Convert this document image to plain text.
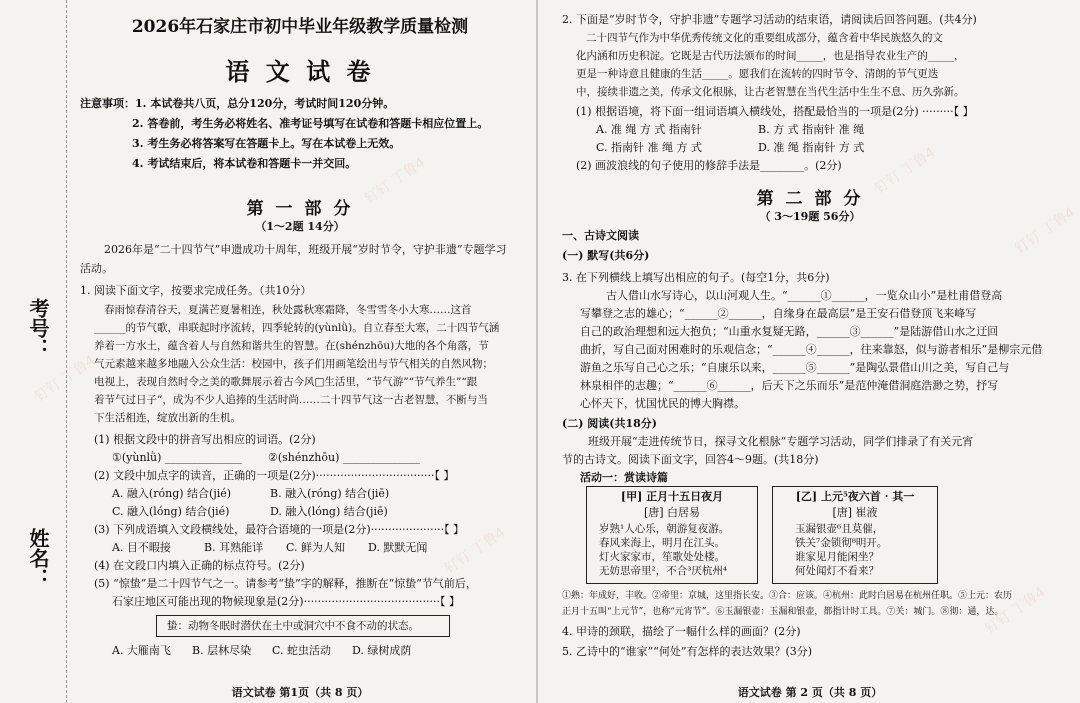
考号：
姓名：
2026年石家庄市初中毕业年级教学质量检测
语 文 试 卷
注意事项：1. 本试卷共八页，总分120分，考试时间120分钟。
2. 答卷前，考生务必将姓名、准考证号填写在试卷和答题卡相应位置上。
3. 考生务必将答案写在答题卡上。写在本试卷上无效。
4. 考试结束后，将本试卷和答题卡一并交回。
第 一 部 分
（1～2题 14分）
2026年是“二十四节气”申遗成功十周年，班级开展“岁时节令，守护非遗”专题学习
活动。
1. 阅读下面文字，按要求完成任务。（共10分）
春雨惊春清谷天，夏满芒夏暑相连，秋处露秋寒霜降，冬雪雪冬小大寒……这首
______的节气歌，串联起时序流转，四季轮转的(yùnlǜ)。自立春至大寒，二十四节气涵
养着一方水土，蕴含着人与自然和谐共生的智慧。在(shénzhōu)大地的各个角落，节
气元素越来越多地融入公众生活：校园中，孩子们用画笔绘出与节气相关的自然风物；
电视上，表现自然时令之美的歌舞展示着古今风□生活里，“节气游”“节气养生”“跟
着节气过日子”，成为不少人追捧的生活时尚……二十四节气这一古老智慧，不断与当
下生活相连，绽放出新的生机。
(1) 根据文段中的拼音写出相应的词语。(2分)
①(yùnlǜ) ______________ ②(shénzhōu) ______________
(2) 文段中加点字的读音，正确的一项是(2分)··································【 】
A. 融入(róng) 结合(jié)	B. 融入(róng) 结合(jiē)
C. 融入(lóng) 结合(jié)	D. 融入(lóng) 结合(jiē)
(3) 下列成语填入文段横线处，最符合语境的一项是(2分)·····················【 】
A. 目不暇接	B. 耳熟能详 C. 鲜为人知 D. 默默无闻
(4) 在文段口内填入正确的标点符号。(2分)
(5) “惊蛰”是二十四节气之一。请参考“蛰”字的解释，推断在“惊蛰”节气前后，
石家庄地区可能出现的物候现象是(2分)·······································【 】
蛰：动物冬眠时潜伏在土中或洞穴中不食不动的状态。
A. 大雁南飞 B. 层林尽染 C. 蛇虫活动 D. 绿树成荫
语文试卷 第1页（共 8 页）
钉钉 丁鲁4
钉钉 丁鲁4
钉钉 丁鲁4
2. 下面是“岁时节令，守护非遗”专题学习活动的结束语，请阅读后回答问题。(共4分)
二十四节气作为中华优秀传统文化的重要组成部分，蕴含着中华民族悠久的文
化内涵和历史积淀。它既是古代历法颁布的时间_____，也是指导农业生产的_____，
更是一种诗意且健康的生活_____。愿我们在流转的四时节令、清朗的节气更迭
中，接续非遗之美，传承文化根脉，让古老智慧在当代生活中生生不息、历久弥新。
(1) 根据语境，将下面一组词语填入横线处，搭配最恰当的一项是(2分) ·········【 】
A. 准 绳 方 式 指南针	B. 方 式 指南针 准 绳
C. 指南针 准 绳 方 式	D. 准 绳 指南针 方 式
(2) 画波浪线的句子使用的修辞手法是________。(2分)
第 二 部 分
（ 3～19题 56分）
一、古诗文阅读
(一) 默写(共6分)
3. 在下列横线上填写出相应的句子。(每空1分，共6分)
古人借山水写诗心，以山河观人生。“______①______，一览众山小”是杜甫借登高
写攀登之志的雄心；“______②______，自缘身在最高层”是王安石借登顶飞来峰写
自己的政治理想和远大抱负；“山重水复疑无路，______③______”是陆游借山水之迂回
曲折，写自己面对困难时的乐观信念；“______④______，往来靠怒，似与游者相乐”是柳宗元借
游鱼之乐写自己心之乐；“自康乐以来，______⑤______”是陶弘景借山川之美，写自己与
林泉相伴的志趣；“______⑥______，后天下之乐而乐”是范仲淹借洞庭浩渺之势，抒写
心怀天下，忧国忧民的博大胸襟。
(二) 阅读(共18分)
班级开展“走进传统节日，探寻文化根脉”专题学习活动，同学们排录了有关元宵
节的古诗文。阅读下面文字，回答4～9题。(共18分)
活动一：赏读诗篇
[甲] 正月十五日夜月
[唐] 白居易
岁熟¹人心乐，朝游复夜游。
春风来海上，明月在江头。
灯火家家市，笙歌处处楼。
无妨思帝里²，不合³厌杭州⁴
[乙] 上元⁵夜六首 · 其一
[唐] 崔液
玉漏银壶⁶且莫催，
铁关⁷金锁彻⁸明开。
谁家见月能闲坐？
何处闻灯不看来？
①熟：年成好，丰收。②帝里：京城，这里指长安。③合：应该。④杭州：此时白居易在杭州任职。⑤上元：农历
正月十五叫“上元节”，也称“元宵节”。⑥玉漏银壶：玉漏和银壶，都指计时工具。⑦关：城门。⑧彻：通，达。
4. 甲诗的颈联，描绘了一幅什么样的画面？(2分)
5. 乙诗中的“谁家”“何处”有怎样的表达效果？(3分)
语文试卷 第 2 页（共 8 页）
钉钉 丁鲁4
钉钉 丁鲁4
钉钉 丁鲁4
